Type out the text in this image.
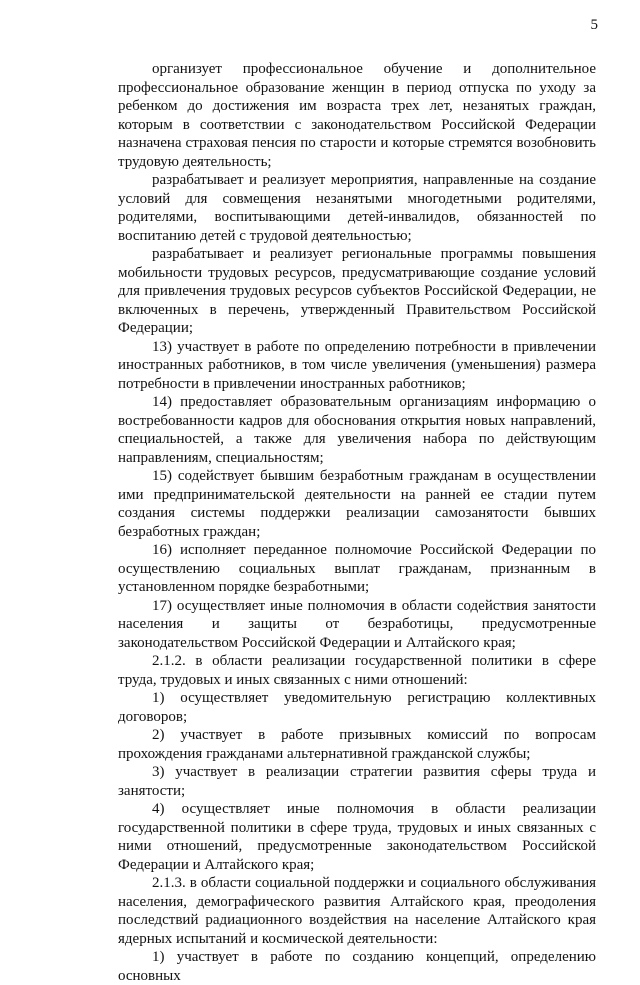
5

организует профессиональное обучение и дополнительное профессиональное образование женщин в период отпуска по уходу за ребенком до достижения им возраста трех лет, незанятых граждан, которым в соответствии с законодательством Российской Федерации назначена страховая пенсия по старости и которые стремятся возобновить трудовую деятельность;

разрабатывает и реализует мероприятия, направленные на создание условий для совмещения незанятыми многодетными родителями, родителями, воспитывающими детей-инвалидов, обязанностей по воспитанию детей с трудовой деятельностью;

разрабатывает и реализует региональные программы повышения мобильности трудовых ресурсов, предусматривающие создание условий для привлечения трудовых ресурсов субъектов Российской Федерации, не включенных в перечень, утвержденный Правительством Российской Федерации;

13) участвует в работе по определению потребности в привлечении иностранных работников, в том числе увеличения (уменьшения) размера потребности в привлечении иностранных работников;

14) предоставляет образовательным организациям информацию о востребованности кадров для обоснования открытия новых направлений, специальностей, а также для увеличения набора по действующим направлениям, специальностям;

15) содействует бывшим безработным гражданам в осуществлении ими предпринимательской деятельности на ранней ее стадии путем создания системы поддержки реализации самозанятости бывших безработных граждан;

16) исполняет переданное полномочие Российской Федерации по осуществлению социальных выплат гражданам, признанным в установленном порядке безработными;

17) осуществляет иные полномочия в области содействия занятости населения и защиты от безработицы, предусмотренные законодательством Российской Федерации и Алтайского края;

2.1.2. в области реализации государственной политики в сфере труда, трудовых и иных связанных с ними отношений:

1) осуществляет уведомительную регистрацию коллективных договоров;

2) участвует в работе призывных комиссий по вопросам прохождения гражданами альтернативной гражданской службы;

3) участвует в реализации стратегии развития сферы труда и занятости;

4) осуществляет иные полномочия в области реализации государственной политики в сфере труда, трудовых и иных связанных с ними отношений, предусмотренные законодательством Российской Федерации и Алтайского края;

2.1.3. в области социальной поддержки и социального обслуживания населения, демографического развития Алтайского края, преодоления последствий радиационного воздействия на население Алтайского края ядерных испытаний и космической деятельности:

1) участвует в работе по созданию концепций, определению основных
